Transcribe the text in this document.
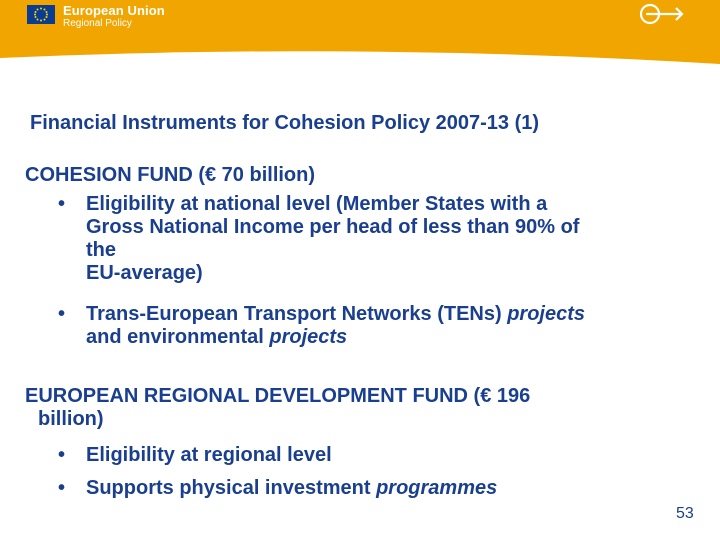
European Union
Regional Policy
Financial Instruments for Cohesion Policy 2007-13 (1)
COHESION FUND (€ 70 billion)
• Eligibility at national level (Member States with a
Gross National Income per head of less than 90% of
the
EU-average)
• Trans-European Transport Networks (TENs) projects
and environmental projects
EUROPEAN REGIONAL DEVELOPMENT FUND (€ 196
billion)
• Eligibility at regional level
• Supports physical investment programmes
53
